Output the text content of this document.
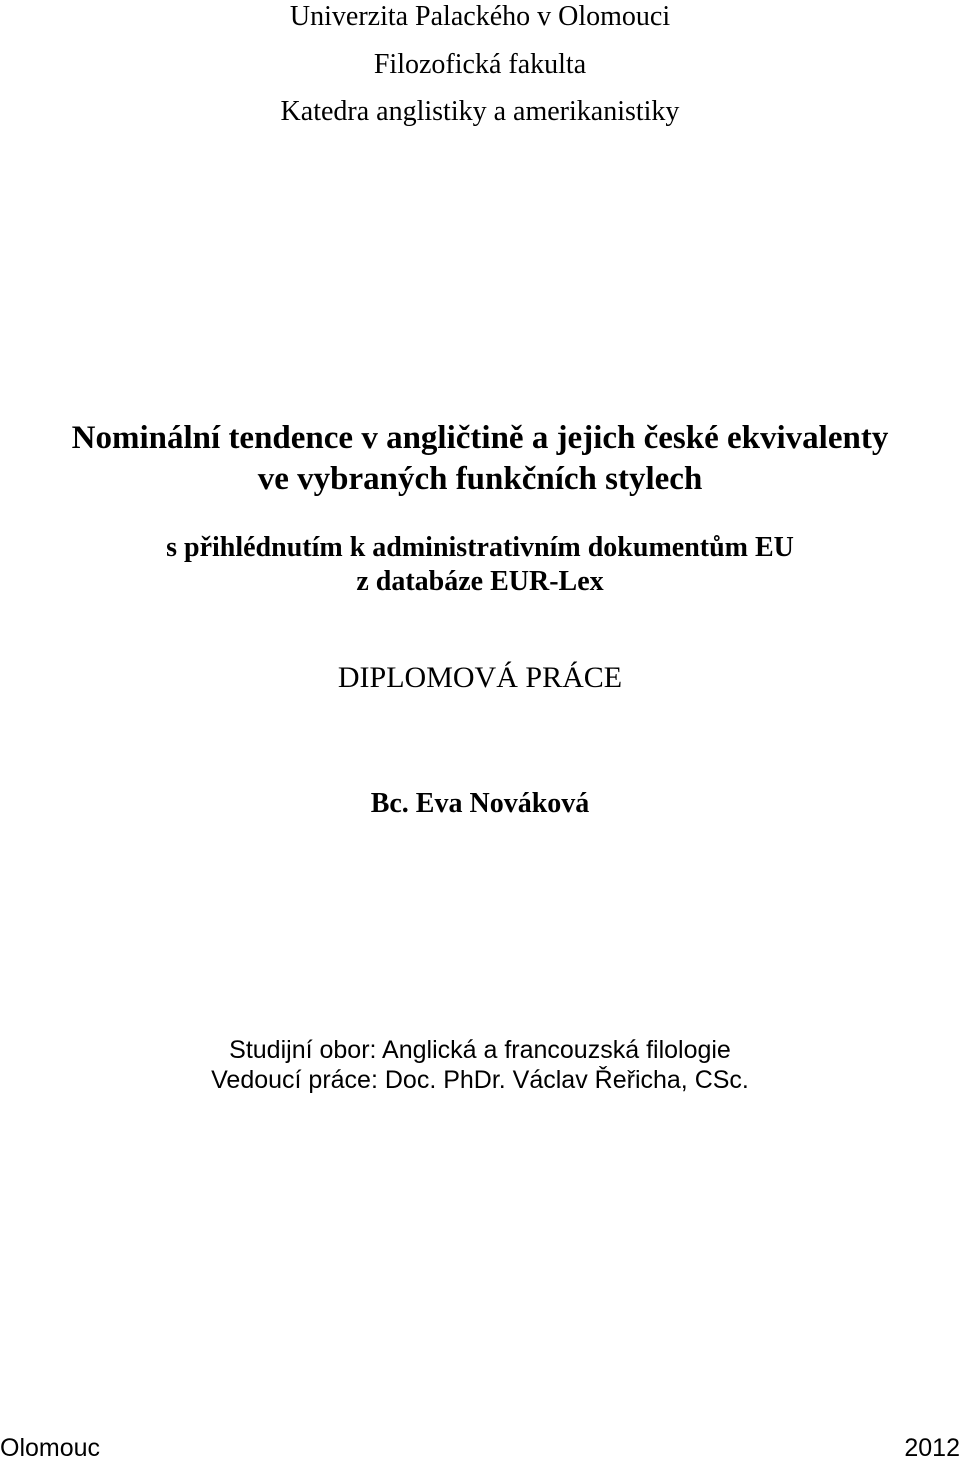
Univerzita Palackého v Olomouci
Filozofická fakulta
Katedra anglistiky a amerikanistiky
Nominální tendence v angličtině a jejich české ekvivalenty
ve vybraných funkčních stylech
s přihlédnutím k administrativním dokumentům EU
z databáze EUR-Lex
DIPLOMOVÁ PRÁCE
Bc. Eva Nováková
Studijní obor: Anglická a francouzská filologie
Vedoucí práce: Doc. PhDr. Václav Řeřicha, CSc.
Olomouc	2012
